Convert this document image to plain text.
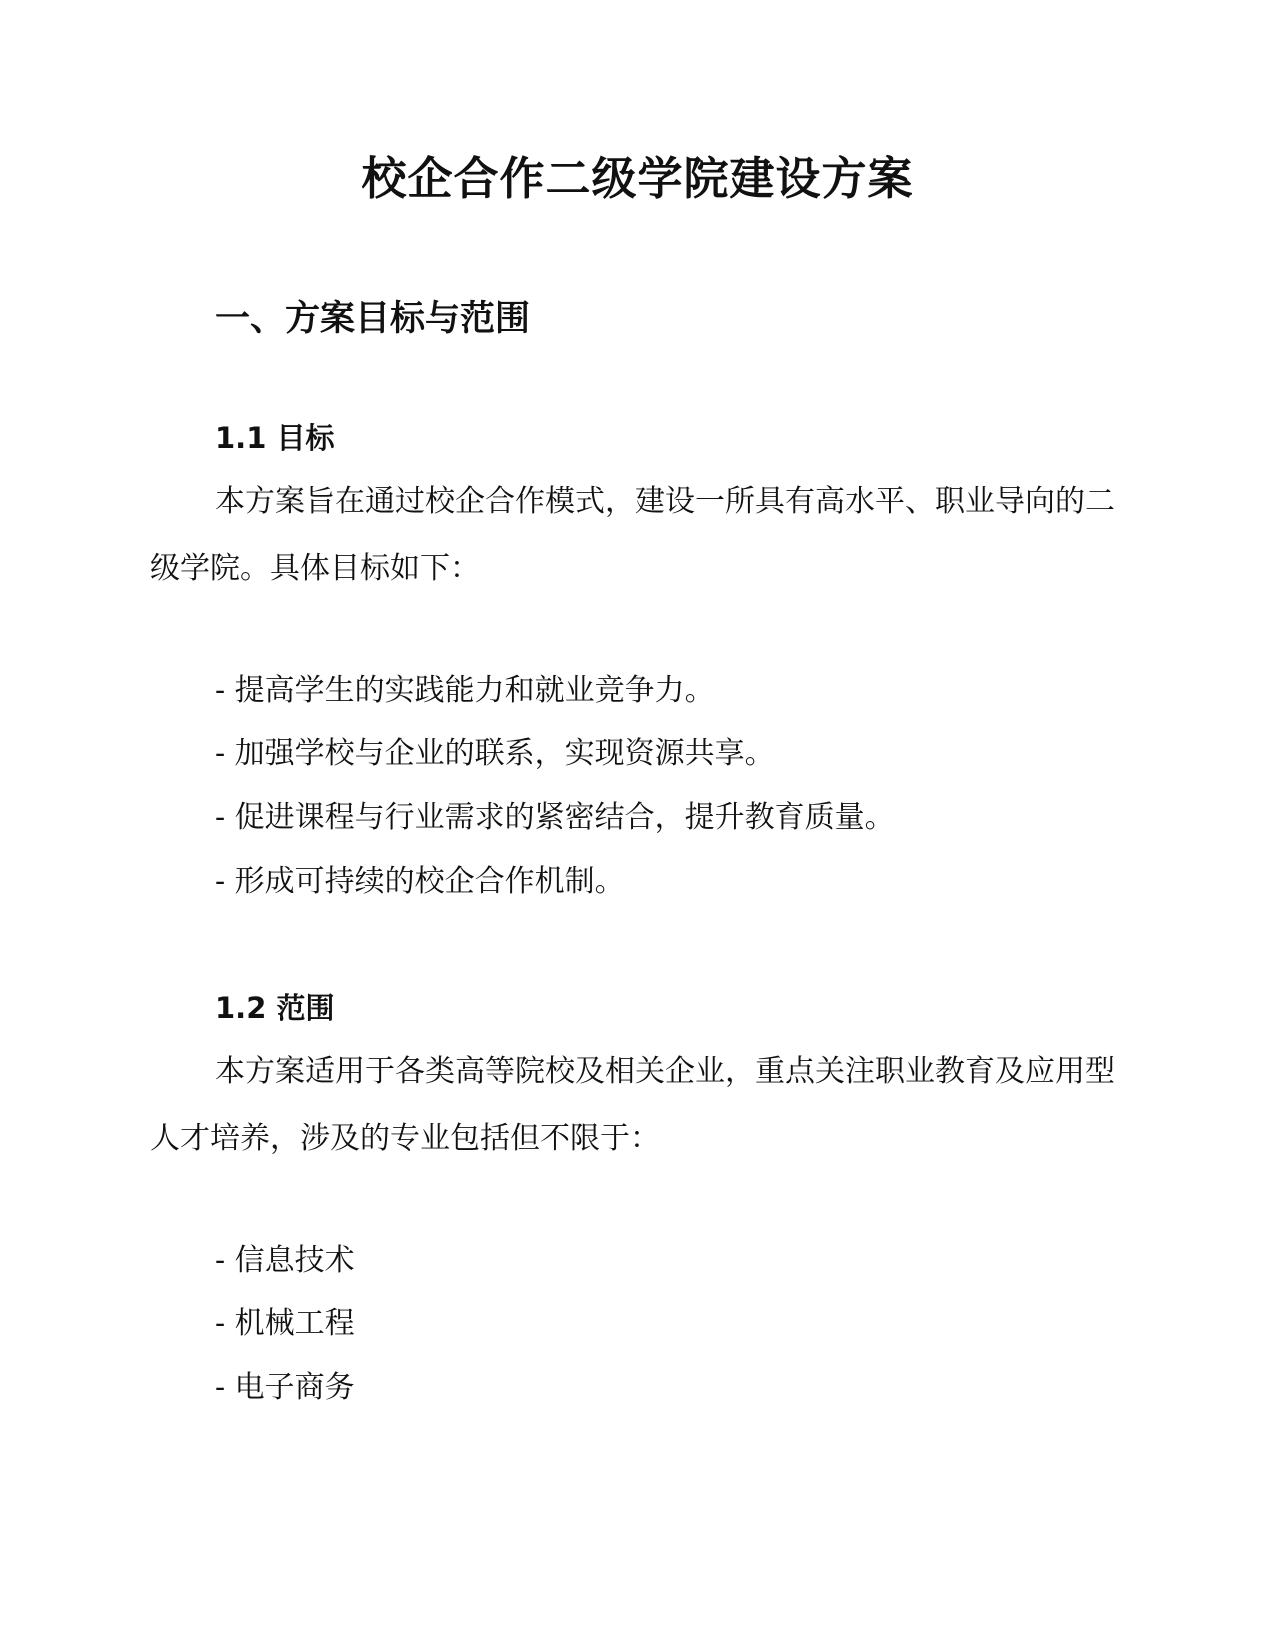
校企合作二级学院建设方案
一、方案目标与范围
1.1 目标

本方案旨在通过校企合作模式，建设一所具有高水平、职业导向的二级学院。具体目标如下：

- 提高学生的实践能力和就业竞争力。
- 加强学校与企业的联系，实现资源共享。
- 促进课程与行业需求的紧密结合，提升教育质量。
- 形成可持续的校企合作机制。
1.2 范围

本方案适用于各类高等院校及相关企业，重点关注职业教育及应用型人才培养，涉及的专业包括但不限于：

- 信息技术
- 机械工程
- 电子商务
